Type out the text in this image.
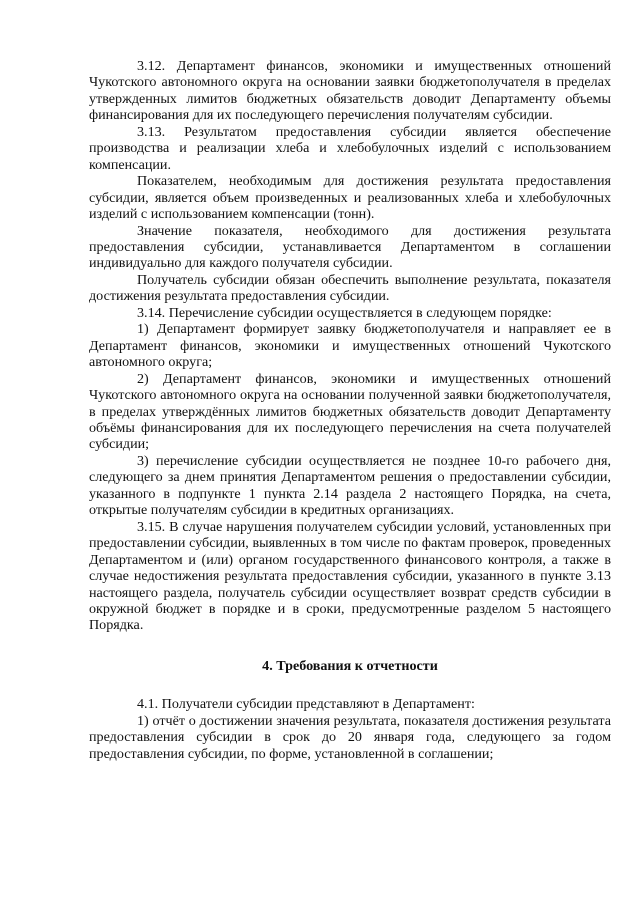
3.12. Департамент финансов, экономики и имущественных отношений Чукотского автономного округа на основании заявки бюджетополучателя в пределах утвержденных лимитов бюджетных обязательств доводит Департаменту объемы финансирования для их последующего перечисления получателям субсидии.

3.13. Результатом предоставления субсидии является обеспечение производства и реализации хлеба и хлебобулочных изделий с использованием компенсации.

Показателем, необходимым для достижения результата предоставления субсидии, является объем произведенных и реализованных хлеба и хлебобулочных изделий с использованием компенсации (тонн).

Значение показателя, необходимого для достижения результата предоставления субсидии, устанавливается Департаментом в соглашении индивидуально для каждого получателя субсидии.

Получатель субсидии обязан обеспечить выполнение результата, показателя достижения результата предоставления субсидии.

3.14. Перечисление субсидии осуществляется в следующем порядке:

1) Департамент формирует заявку бюджетополучателя и направляет ее в Департамент финансов, экономики и имущественных отношений Чукотского автономного округа;

2) Департамент финансов, экономики и имущественных отношений Чукотского автономного округа на основании полученной заявки бюджетополучателя, в пределах утверждённых лимитов бюджетных обязательств доводит Департаменту объёмы финансирования для их последующего перечисления на счета получателей субсидии;

3) перечисление субсидии осуществляется не позднее 10-го рабочего дня, следующего за днем принятия Департаментом решения о предоставлении субсидии, указанного в подпункте 1 пункта 2.14 раздела 2 настоящего Порядка, на счета, открытые получателям субсидии в кредитных организациях.

3.15. В случае нарушения получателем субсидии условий, установленных при предоставлении субсидии, выявленных в том числе по фактам проверок, проведенных Департаментом и (или) органом государственного финансового контроля, а также в случае недостижения результата предоставления субсидии, указанного в пункте 3.13 настоящего раздела, получатель субсидии осуществляет возврат средств субсидии в окружной бюджет в порядке и в сроки, предусмотренные разделом 5 настоящего Порядка.

4. Требования к отчетности

4.1. Получатели субсидии представляют в Департамент:

1) отчёт о достижении значения результата, показателя достижения результата предоставления субсидии в срок до 20 января года, следующего за годом предоставления субсидии, по форме, установленной в соглашении;
